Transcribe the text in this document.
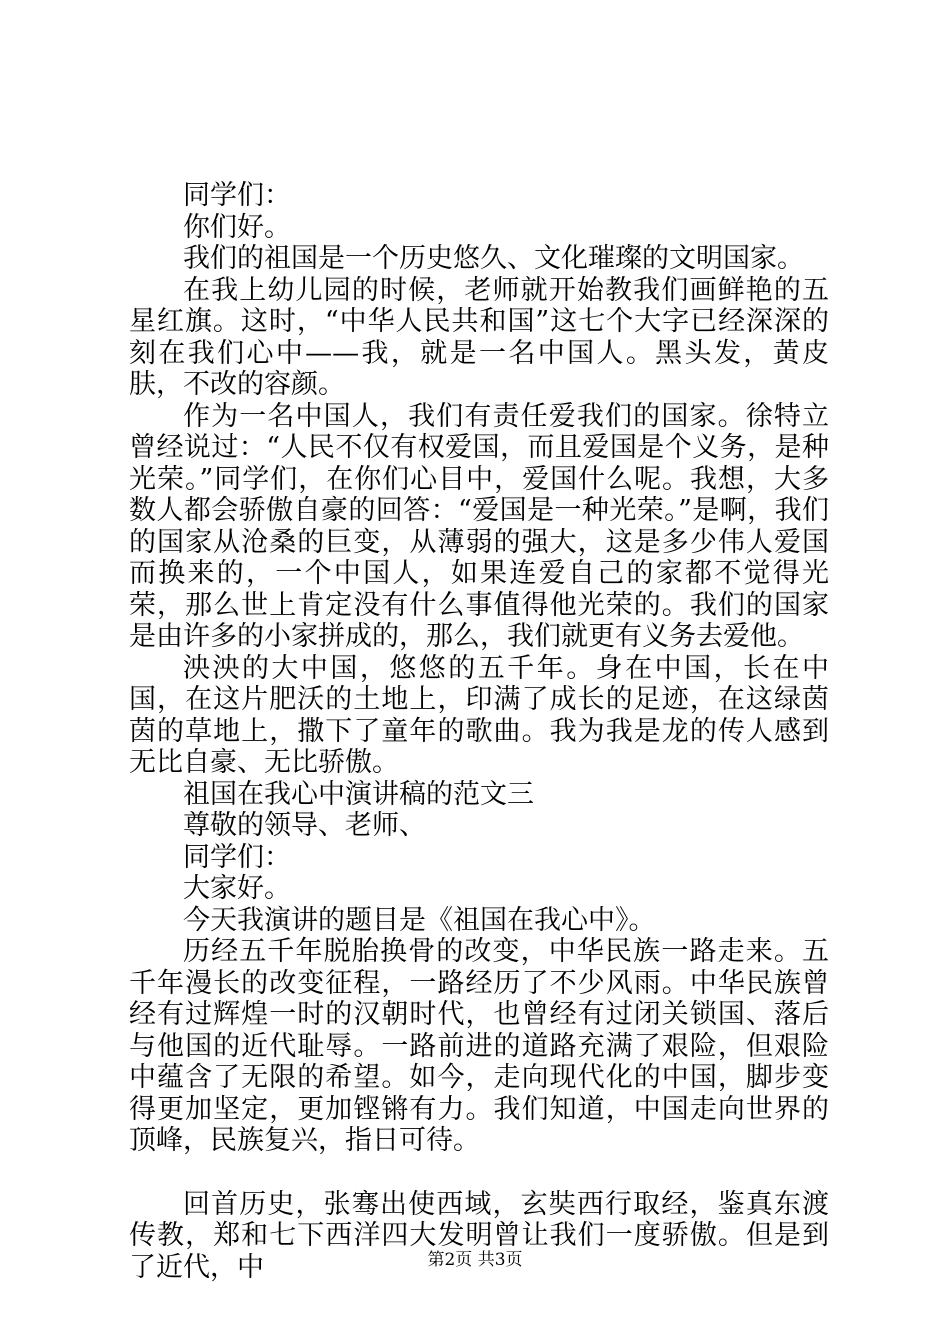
同学们：

你们好。

我们的祖国是一个历史悠久、文化璀璨的文明国家。

在我上幼儿园的时候，老师就开始教我们画鲜艳的五星红旗。这时，“中华人民共和国”这七个大字已经深深的刻在我们心中——我，就是一名中国人。黑头发，黄皮肤，不改的容颜。

作为一名中国人，我们有责任爱我们的国家。徐特立曾经说过：“人民不仅有权爱国，而且爱国是个义务，是种光荣。”同学们，在你们心目中，爱国什么呢。我想，大多数人都会骄傲自豪的回答：“爱国是一种光荣。”是啊，我们的国家从沧桑的巨变，从薄弱的强大，这是多少伟人爱国而换来的，一个中国人，如果连爱自己的家都不觉得光荣，那么世上肯定没有什么事值得他光荣的。我们的国家是由许多的小家拼成的，那么，我们就更有义务去爱他。

泱泱的大中国，悠悠的五千年。身在中国，长在中国，在这片肥沃的土地上，印满了成长的足迹，在这绿茵茵的草地上，撒下了童年的歌曲。我为我是龙的传人感到无比自豪、无比骄傲。

祖国在我心中演讲稿的范文三

尊敬的领导、老师、

同学们：

大家好。

今天我演讲的题目是《祖国在我心中》。

历经五千年脱胎换骨的改变，中华民族一路走来。五千年漫长的改变征程，一路经历了不少风雨。中华民族曾经有过辉煌一时的汉朝时代，也曾经有过闭关锁国、落后与他国的近代耻辱。一路前进的道路充满了艰险，但艰险中蕴含了无限的希望。如今，走向现代化的中国，脚步变得更加坚定，更加铿锵有力。我们知道，中国走向世界的顶峰，民族复兴，指日可待。

回首历史，张骞出使西域，玄奘西行取经，鉴真东渡传教，郑和七下西洋四大发明曾让我们一度骄傲。但是到了近代，中	第2页 共3页
